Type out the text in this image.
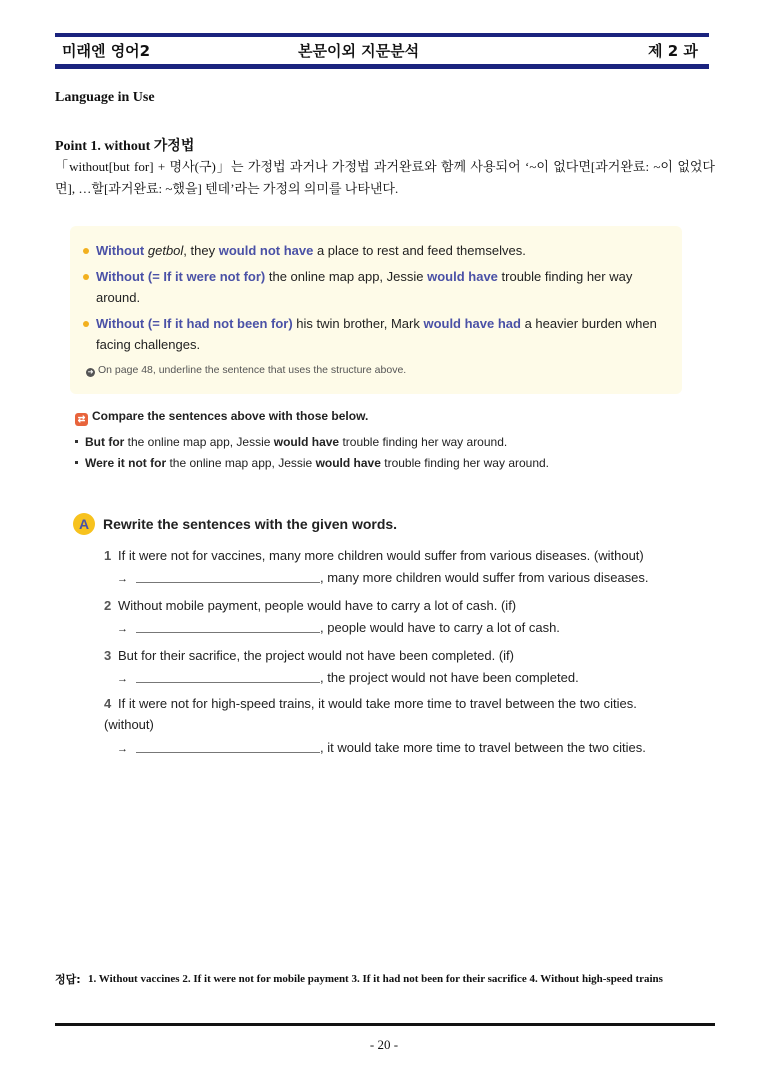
미래엔 영어2	본문이외 지문분석	제 2 과
Language in Use
Point 1. without 가정법
「without[but for] + 명사(구)」는 가정법 과거나 가정법 과거완료와 함께 사용되어 ‘~이 없다면[과거완료: ~이 없었다면], …할[과거완료: ~했을] 텐데’라는 가정의 의미를 나타낸다.
Without getbol, they would not have a place to rest and feed themselves.
Without (= If it were not for) the online map app, Jessie would have trouble finding her way around.
Without (= If it had not been for) his twin brother, Mark would have had a heavier burden when facing challenges.
➜ On page 48, underline the sentence that uses the structure above.
⇄ Compare the sentences above with those below.
But for the online map app, Jessie would have trouble finding her way around.
Were it not for the online map app, Jessie would have trouble finding her way around.
A Rewrite the sentences with the given words.
1 If it were not for vaccines, many more children would suffer from various diseases. (without)
→	, many more children would suffer from various diseases.
2 Without mobile payment, people would have to carry a lot of cash. (if)
→	, people would have to carry a lot of cash.
3 But for their sacrifice, the project would not have been completed. (if)
→	, the project would not have been completed.
4 If it were not for high-speed trains, it would take more time to travel between the two cities. (without)
→	, it would take more time to travel between the two cities.
정답: 1. Without vaccines 2. If it were not for mobile payment 3. If it had not been for their sacrifice 4. Without high-speed trains
- 20 -
